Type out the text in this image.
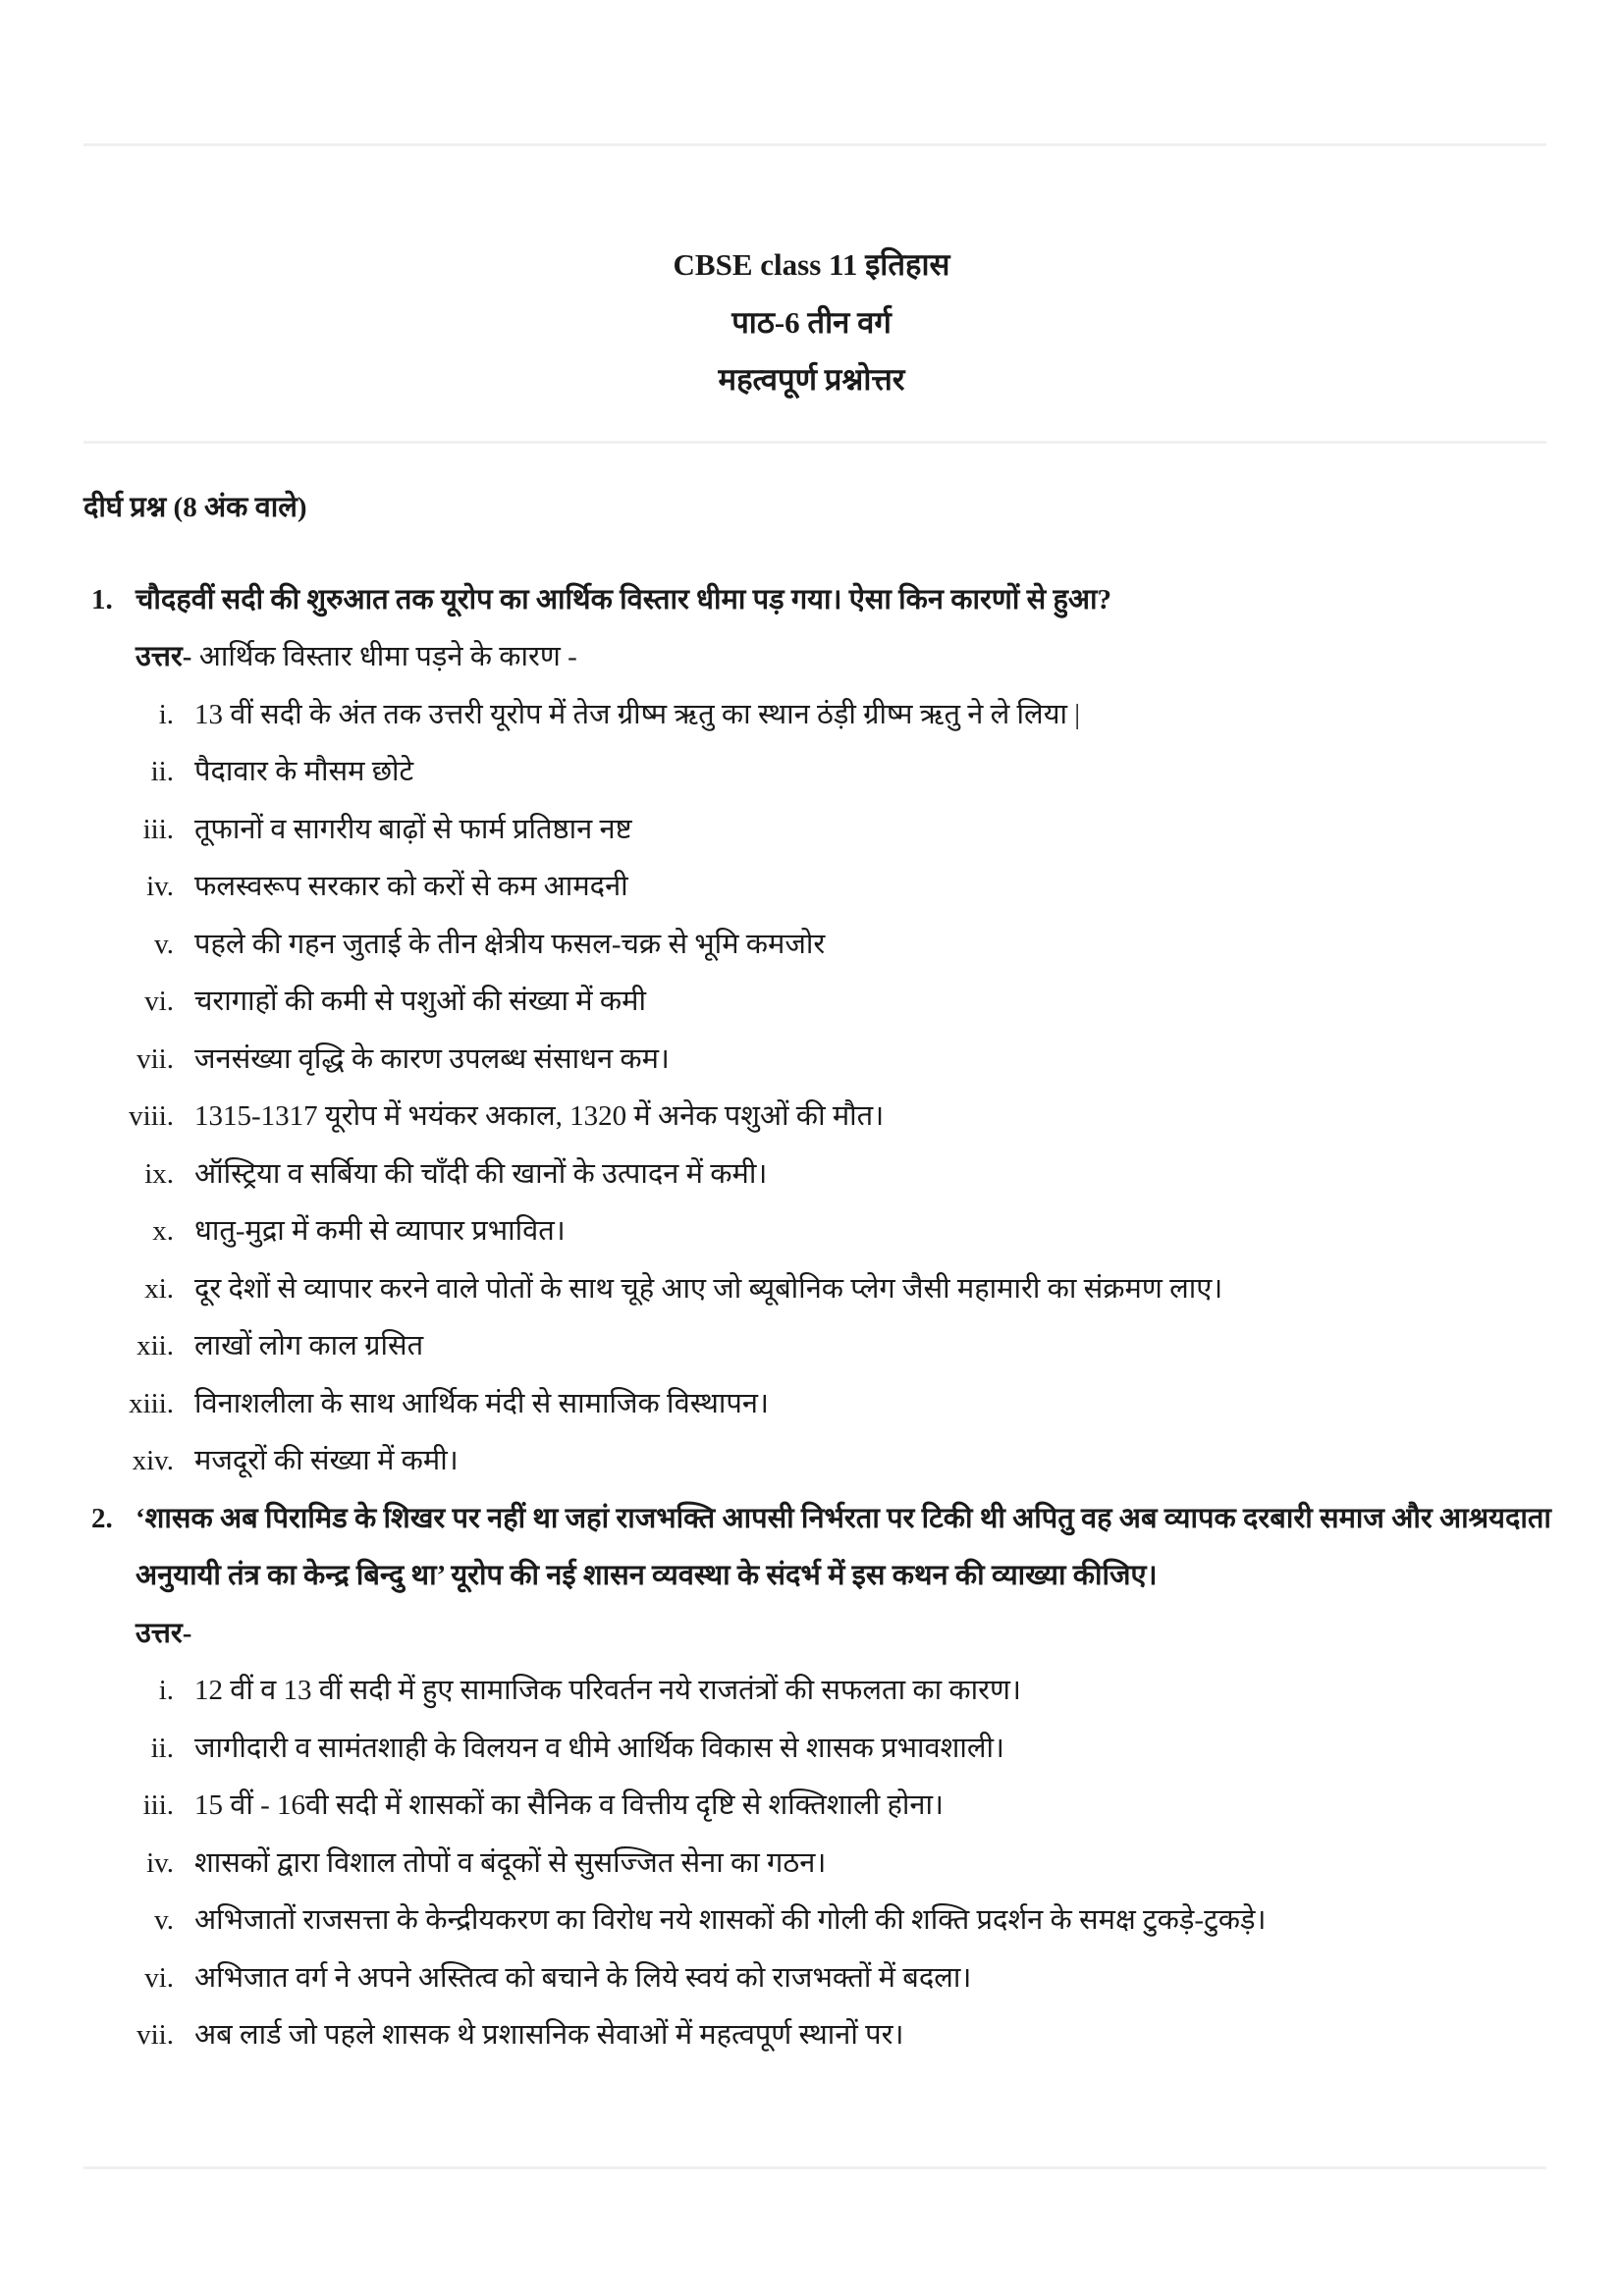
CBSE class 11 इतिहास
पाठ-6 तीन वर्ग
महत्वपूर्ण प्रश्नोत्तर
दीर्घ प्रश्न (8 अंक वाले)
1. चौदहवीं सदी की शुरुआत तक यूरोप का आर्थिक विस्तार धीमा पड़ गया। ऐसा किन कारणों से हुआ?
उत्तर- आर्थिक विस्तार धीमा पड़ने के कारण -
i. 13 वीं सदी के अंत तक उत्तरी यूरोप में तेज ग्रीष्म ऋतु का स्थान ठंड़ी ग्रीष्म ऋतु ने ले लिया |
ii. पैदावार के मौसम छोटे
iii. तूफानों व सागरीय बाढ़ों से फार्म प्रतिष्ठान नष्ट
iv. फलस्वरूप सरकार को करों से कम आमदनी
v. पहले की गहन जुताई के तीन क्षेत्रीय फसल-चक्र से भूमि कमजोर
vi. चरागाहों की कमी से पशुओं की संख्या में कमी
vii. जनसंख्या वृद्धि के कारण उपलब्ध संसाधन कम।
viii. 1315-1317 यूरोप में भयंकर अकाल, 1320 में अनेक पशुओं की मौत।
ix. ऑस्ट्रिया व सर्बिया की चाँदी की खानों के उत्पादन में कमी।
x. धातु-मुद्रा में कमी से व्यापार प्रभावित।
xi. दूर देशों से व्यापार करने वाले पोतों के साथ चूहे आए जो ब्यूबोनिक प्लेग जैसी महामारी का संक्रमण लाए।
xii. लाखों लोग काल ग्रसित
xiii. विनाशलीला के साथ आर्थिक मंदी से सामाजिक विस्थापन।
xiv. मजदूरों की संख्या में कमी।
2. ‘शासक अब पिरामिड के शिखर पर नहीं था जहां राजभक्ति आपसी निर्भरता पर टिकी थी अपितु वह अब व्यापक दरबारी समाज और आश्रयदाता अनुयायी तंत्र का केन्द्र बिन्दु था’ यूरोप की नई शासन व्यवस्था के संदर्भ में इस कथन की व्याख्या कीजिए।
उत्तर-
i. 12 वीं व 13 वीं सदी में हुए सामाजिक परिवर्तन नये राजतंत्रों की सफलता का कारण।
ii. जागीदारी व सामंतशाही के विलयन व धीमे आर्थिक विकास से शासक प्रभावशाली।
iii. 15 वीं - 16वी सदी में शासकों का सैनिक व वित्तीय दृष्टि से शक्तिशाली होना।
iv. शासकों द्वारा विशाल तोपों व बंदूकों से सुसज्जित सेना का गठन।
v. अभिजातों राजसत्ता के केन्द्रीयकरण का विरोध नये शासकों की गोली की शक्ति प्रदर्शन के समक्ष टुकड़े-टुकड़े।
vi. अभिजात वर्ग ने अपने अस्तित्व को बचाने के लिये स्वयं को राजभक्तों में बदला।
vii. अब लार्ड जो पहले शासक थे प्रशासनिक सेवाओं में महत्वपूर्ण स्थानों पर।
